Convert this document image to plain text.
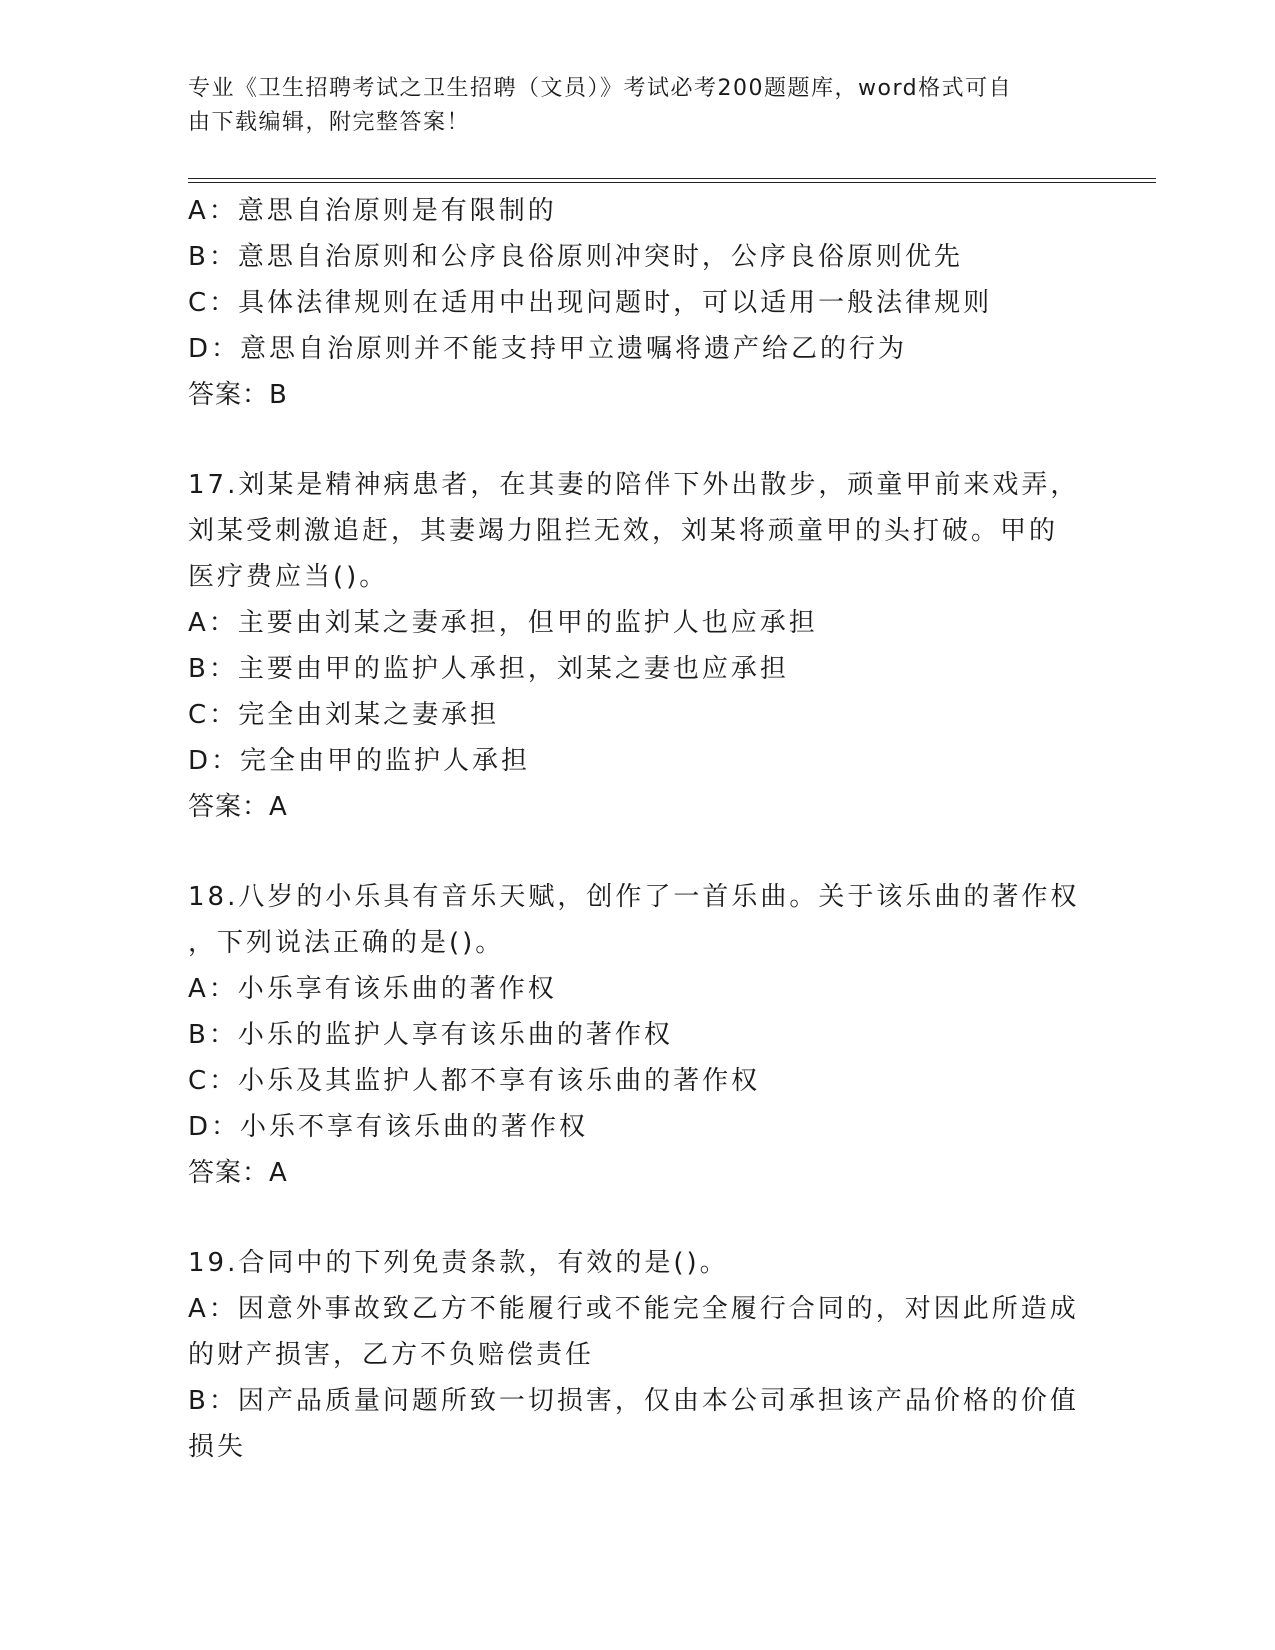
专业《卫生招聘考试之卫生招聘（文员）》考试必考200题题库，word格式可自
由下载编辑，附完整答案！
A：意思自治原则是有限制的
B：意思自治原则和公序良俗原则冲突时，公序良俗原则优先
C：具体法律规则在适用中出现问题时，可以适用一般法律规则
D：意思自治原则并不能支持甲立遗嘱将遗产给乙的行为
答案：B
17.刘某是精神病患者，在其妻的陪伴下外出散步，顽童甲前来戏弄，
刘某受刺激追赶，其妻竭力阻拦无效，刘某将顽童甲的头打破。甲的
医疗费应当()。
A：主要由刘某之妻承担，但甲的监护人也应承担
B：主要由甲的监护人承担，刘某之妻也应承担
C：完全由刘某之妻承担
D：完全由甲的监护人承担
答案：A
18.八岁的小乐具有音乐天赋，创作了一首乐曲。关于该乐曲的著作权
，下列说法正确的是()。
A：小乐享有该乐曲的著作权
B：小乐的监护人享有该乐曲的著作权
C：小乐及其监护人都不享有该乐曲的著作权
D：小乐不享有该乐曲的著作权
答案：A
19.合同中的下列免责条款，有效的是()。
A：因意外事故致乙方不能履行或不能完全履行合同的，对因此所造成
的财产损害，乙方不负赔偿责任
B：因产品质量问题所致一切损害，仅由本公司承担该产品价格的价值
损失
